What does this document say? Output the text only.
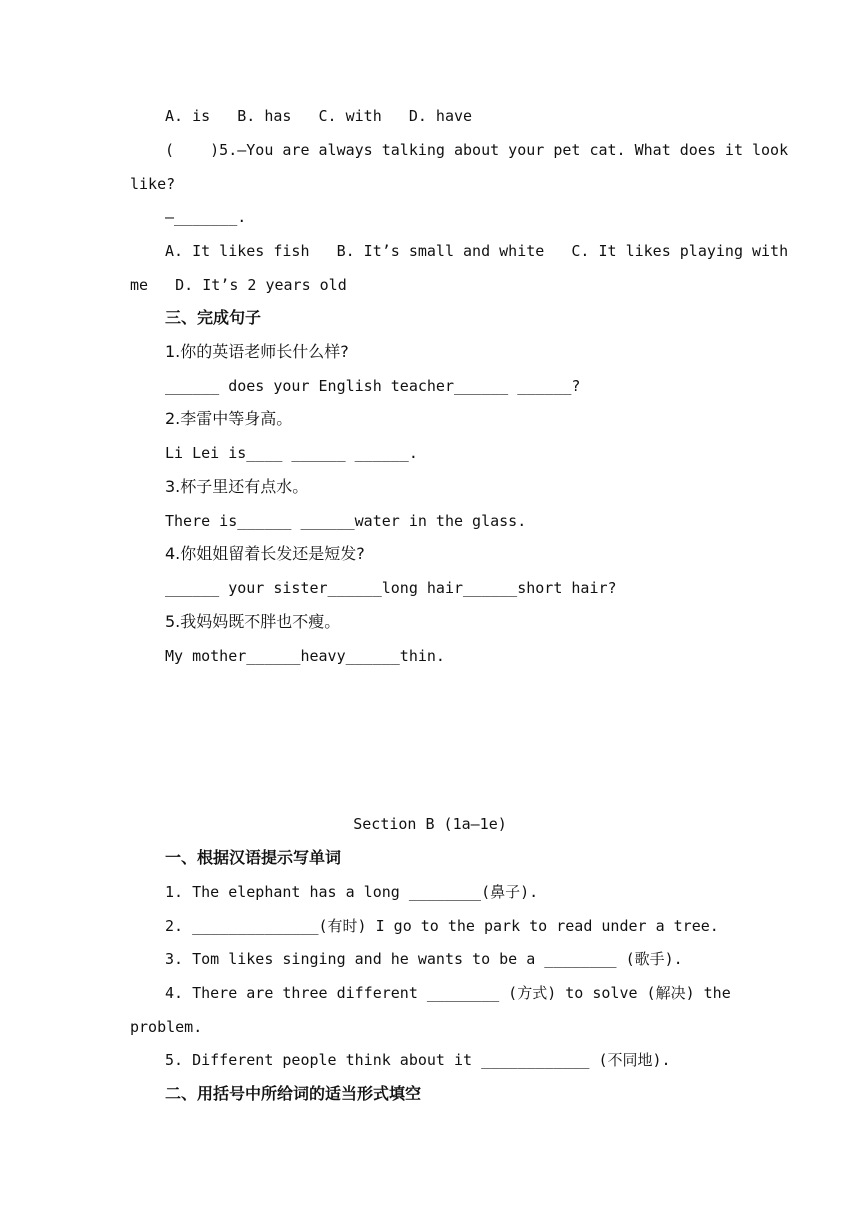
A. is   B. has   C. with   D. have
(    )5.—You are always talking about your pet cat. What does it look
like?
—_______.
A. It likes fish   B. It’s small and white   C. It likes playing with
me   D. It’s 2 years old
三、完成句子
1.你的英语老师长什么样?
______ does your English teacher______ ______?
2.李雷中等身高。
Li Lei is____ ______ ______.
3.杯子里还有点水。
There is______ ______water in the glass.
4.你姐姐留着长发还是短发?
______ your sister______long hair______short hair?
5.我妈妈既不胖也不瘦。
My mother______heavy______thin.
Section B (1a—1e)
一、根据汉语提示写单词
1. The elephant has a long ________(鼻子).
2. ______________(有时) I go to the park to read under a tree.
3. Tom likes singing and he wants to be a ________ (歌手).
4. There are three different ________ (方式) to solve (解决) the
problem.
5. Different people think about it ____________ (不同地).
二、用括号中所给词的适当形式填空
